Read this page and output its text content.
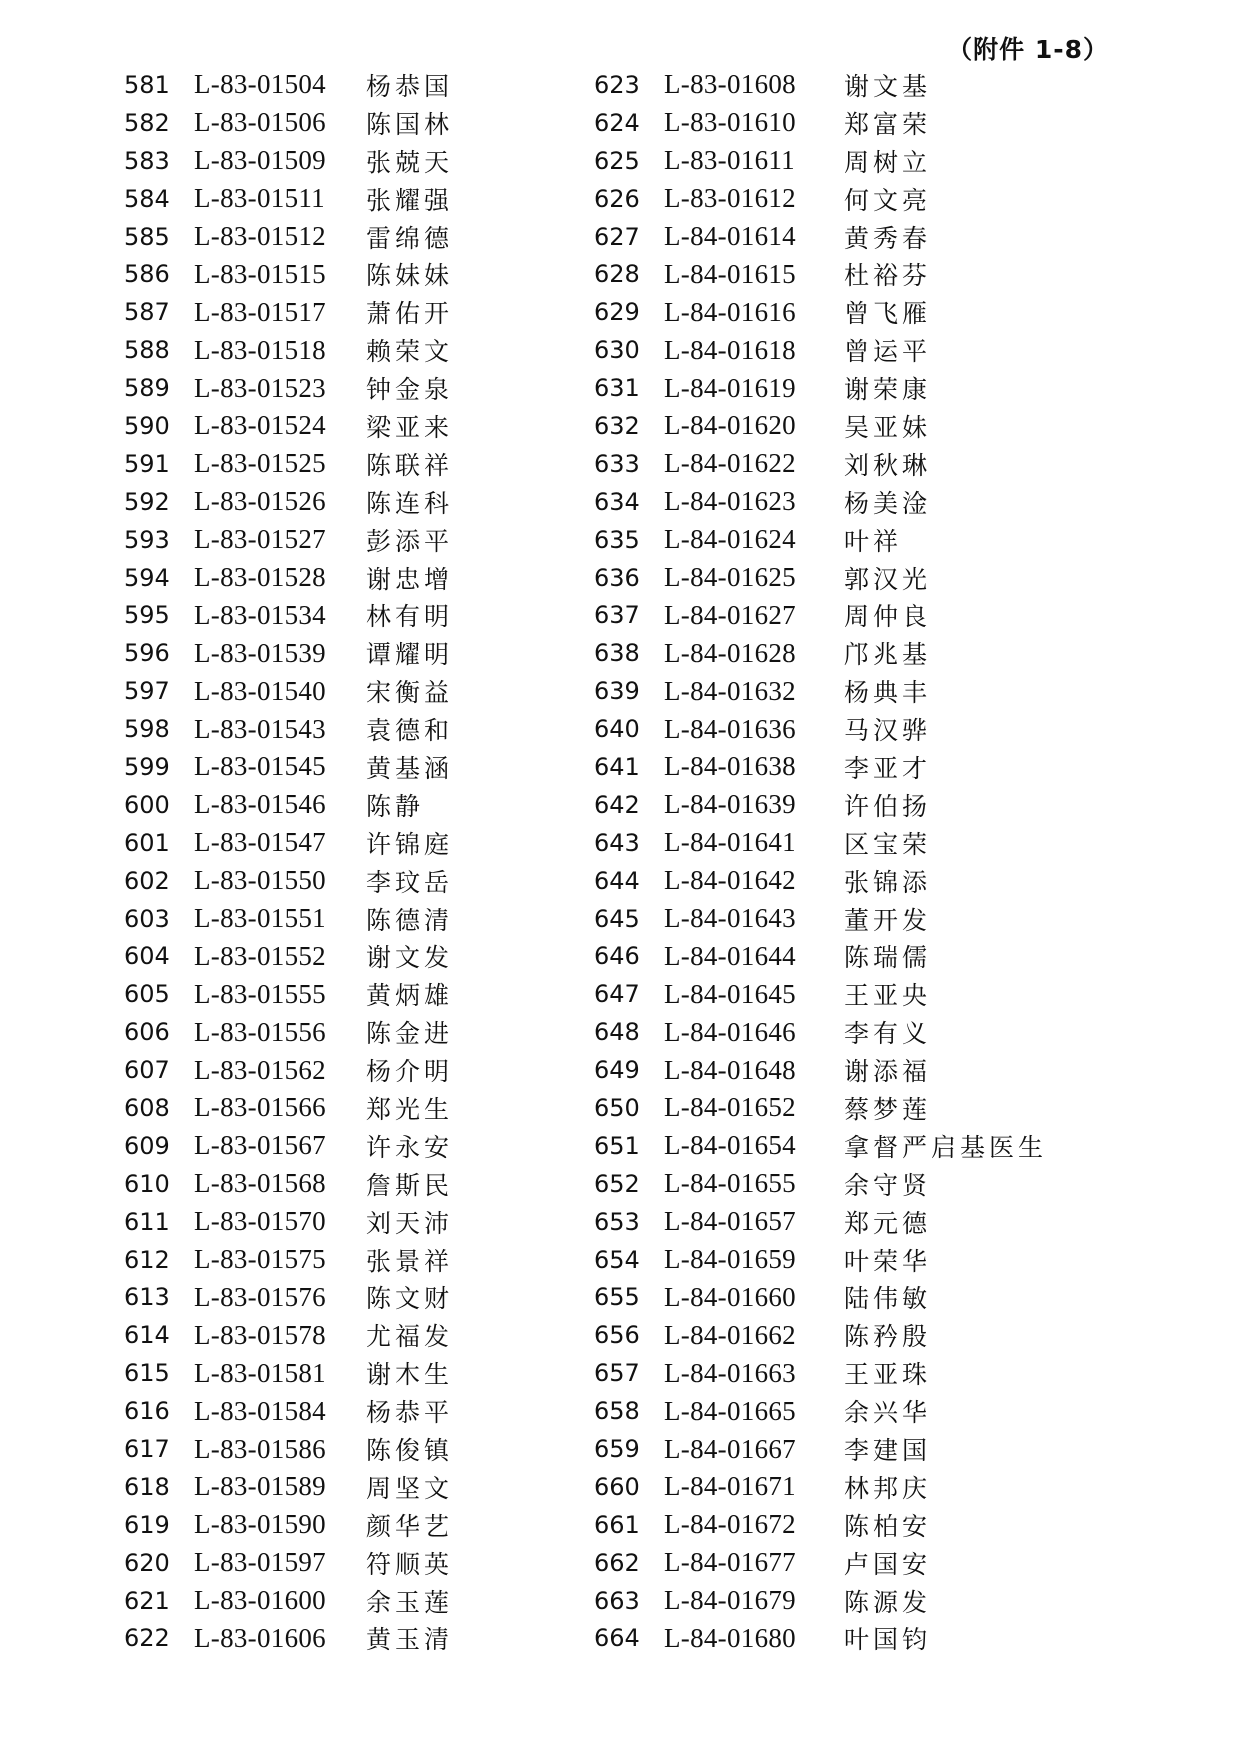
（附件 1-8）
581 L-83-01504	杨恭国
582 L-83-01506	陈国林
583 L-83-01509	张兢天
584 L-83-01511	张耀强
585 L-83-01512	雷绵德
586 L-83-01515	陈妹妹
587 L-83-01517	萧佑开
588 L-83-01518	赖荣文
589 L-83-01523	钟金泉
590 L-83-01524	梁亚来
591 L-83-01525	陈联祥
592 L-83-01526	陈连科
593 L-83-01527	彭添平
594 L-83-01528	谢忠增
595 L-83-01534	林有明
596 L-83-01539	谭耀明
597 L-83-01540	宋衡益
598 L-83-01543	袁德和
599 L-83-01545	黄基涵
600 L-83-01546	陈静
601 L-83-01547	许锦庭
602 L-83-01550	李玟岳
603 L-83-01551	陈德清
604 L-83-01552	谢文发
605 L-83-01555	黄炳雄
606 L-83-01556	陈金进
607 L-83-01562	杨介明
608 L-83-01566	郑光生
609 L-83-01567	许永安
610 L-83-01568	詹斯民
611 L-83-01570	刘天沛
612 L-83-01575	张景祥
613 L-83-01576	陈文财
614 L-83-01578	尤福发
615 L-83-01581	谢木生
616 L-83-01584	杨恭平
617 L-83-01586	陈俊镇
618 L-83-01589	周坚文
619 L-83-01590	颜华艺
620 L-83-01597	符顺英
621 L-83-01600	余玉莲
622 L-83-01606	黄玉清
623 L-83-01608	谢文基
624 L-83-01610	郑富荣
625 L-83-01611	周树立
626 L-83-01612	何文亮
627 L-84-01614	黄秀春
628 L-84-01615	杜裕芬
629 L-84-01616	曾飞雁
630 L-84-01618	曾运平
631 L-84-01619	谢荣康
632 L-84-01620	吴亚妹
633 L-84-01622	刘秋琳
634 L-84-01623	杨美淦
635 L-84-01624	叶祥
636 L-84-01625	郭汉光
637 L-84-01627	周仲良
638 L-84-01628	邝兆基
639 L-84-01632	杨典丰
640 L-84-01636	马汉骅
641 L-84-01638	李亚才
642 L-84-01639	许伯扬
643 L-84-01641	区宝荣
644 L-84-01642	张锦添
645 L-84-01643	董开发
646 L-84-01644	陈瑞儒
647 L-84-01645	王亚央
648 L-84-01646	李有义
649 L-84-01648	谢添福
650 L-84-01652	蔡梦莲
651 L-84-01654	拿督严启基医生
652 L-84-01655	余守贤
653 L-84-01657	郑元德
654 L-84-01659	叶荣华
655 L-84-01660	陆伟敏
656 L-84-01662	陈矜殷
657 L-84-01663	王亚珠
658 L-84-01665	余兴华
659 L-84-01667	李建国
660 L-84-01671	林邦庆
661 L-84-01672	陈柏安
662 L-84-01677	卢国安
663 L-84-01679	陈源发
664 L-84-01680	叶国钧
